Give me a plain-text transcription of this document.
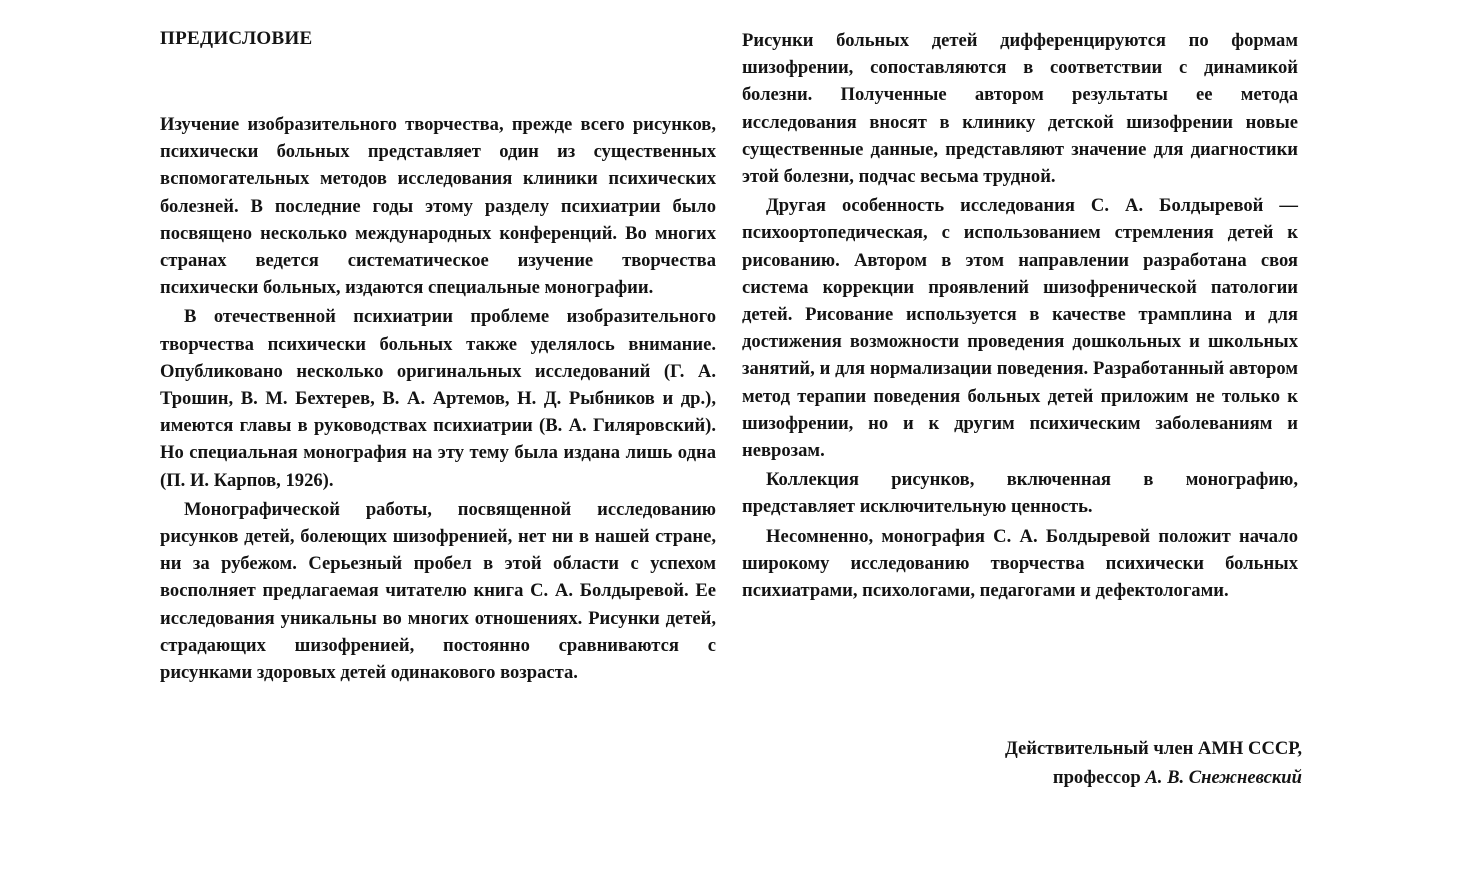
ПРЕДИСЛОВИЕ

Изучение изобразительного творчества, прежде всего рисунков, психически больных представляет один из существенных вспомогательных методов исследования клиники психических болезней. В последние годы этому разделу психиатрии было посвящено несколько международных конференций. Во многих странах ведется систематическое изучение творчества психически больных, издаются специальные монографии.

В отечественной психиатрии проблеме изобразительного творчества психически больных также уделялось внимание. Опубликовано несколько оригинальных исследований (Г. А. Трошин, В. М. Бехтерев, В. А. Артемов, Н. Д. Рыбников и др.), имеются главы в руководствах психиатрии (В. А. Гиляровский). Но специальная монография на эту тему была издана лишь одна (П. И. Карпов, 1926).

Монографической работы, посвященной исследованию рисунков детей, болеющих шизофренией, нет ни в нашей стране, ни за рубежом. Серьезный пробел в этой области с успехом восполняет предлагаемая читателю книга С. А. Болдыревой. Ее исследования уникальны во многих отношениях. Рисунки детей, страдающих шизофренией, постоянно сравниваются с рисунками здоровых детей одинакового возраста.

Рисунки больных детей дифференцируются по формам шизофрении, сопоставляются в соответствии с динамикой болезни. Полученные автором результаты ее метода исследования вносят в клинику детской шизофрении новые существенные данные, представляют значение для диагностики этой болезни, подчас весьма трудной.

Другая особенность исследования С. А. Болдыревой — психоортопедическая, с использованием стремления детей к рисованию. Автором в этом направлении разработана своя система коррекции проявлений шизофренической патологии детей. Рисование используется в качестве трамплина и для достижения возможности проведения дошкольных и школьных занятий, и для нормализации поведения. Разработанный автором метод терапии поведения больных детей приложим не только к шизофрении, но и к другим психическим заболеваниям и неврозам.

Коллекция рисунков, включенная в монографию, представляет исключительную ценность.

Несомненно, монография С. А. Болдыревой положит начало широкому исследованию творчества психически больных психиатрами, психологами, педагогами и дефектологами.

Действительный член АМН СССР,
профессор А. В. Снежневский
